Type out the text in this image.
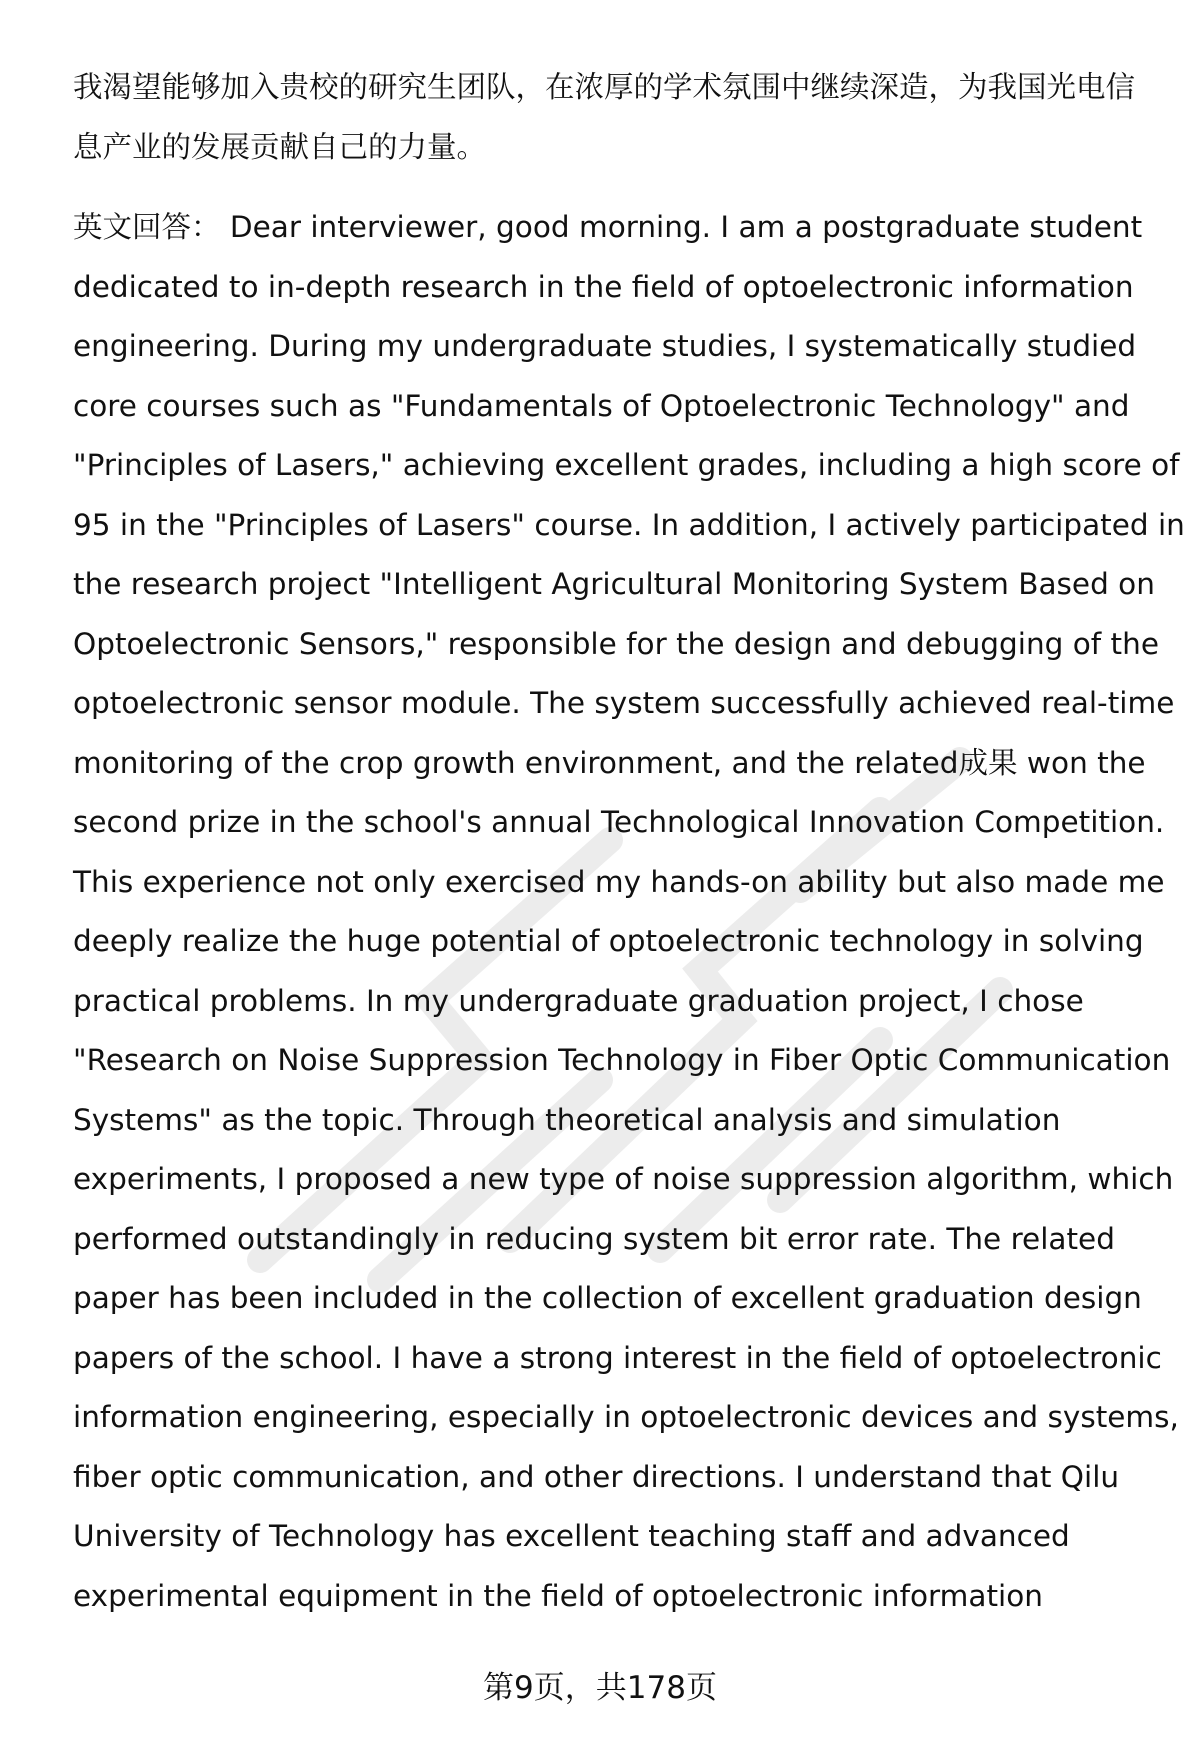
我渴望能够加入贵校的研究生团队，在浓厚的学术氛围中继续深造，为我国光电信
息产业的发展贡献自己的力量。

英文回答： Dear interviewer, good morning. I am a postgraduate student
dedicated to in-depth research in the field of optoelectronic information
engineering. During my undergraduate studies, I systematically studied
core courses such as "Fundamentals of Optoelectronic Technology" and
"Principles of Lasers," achieving excellent grades, including a high score of
95 in the "Principles of Lasers" course. In addition, I actively participated in
the research project "Intelligent Agricultural Monitoring System Based on
Optoelectronic Sensors," responsible for the design and debugging of the
optoelectronic sensor module. The system successfully achieved real-time
monitoring of the crop growth environment, and the related成果 won the
second prize in the school's annual Technological Innovation Competition.
This experience not only exercised my hands-on ability but also made me
deeply realize the huge potential of optoelectronic technology in solving
practical problems. In my undergraduate graduation project, I chose
"Research on Noise Suppression Technology in Fiber Optic Communication
Systems" as the topic. Through theoretical analysis and simulation
experiments, I proposed a new type of noise suppression algorithm, which
performed outstandingly in reducing system bit error rate. The related
paper has been included in the collection of excellent graduation design
papers of the school. I have a strong interest in the field of optoelectronic
information engineering, especially in optoelectronic devices and systems,
fiber optic communication, and other directions. I understand that Qilu
University of Technology has excellent teaching staff and advanced
experimental equipment in the field of optoelectronic information

第9页，共178页
